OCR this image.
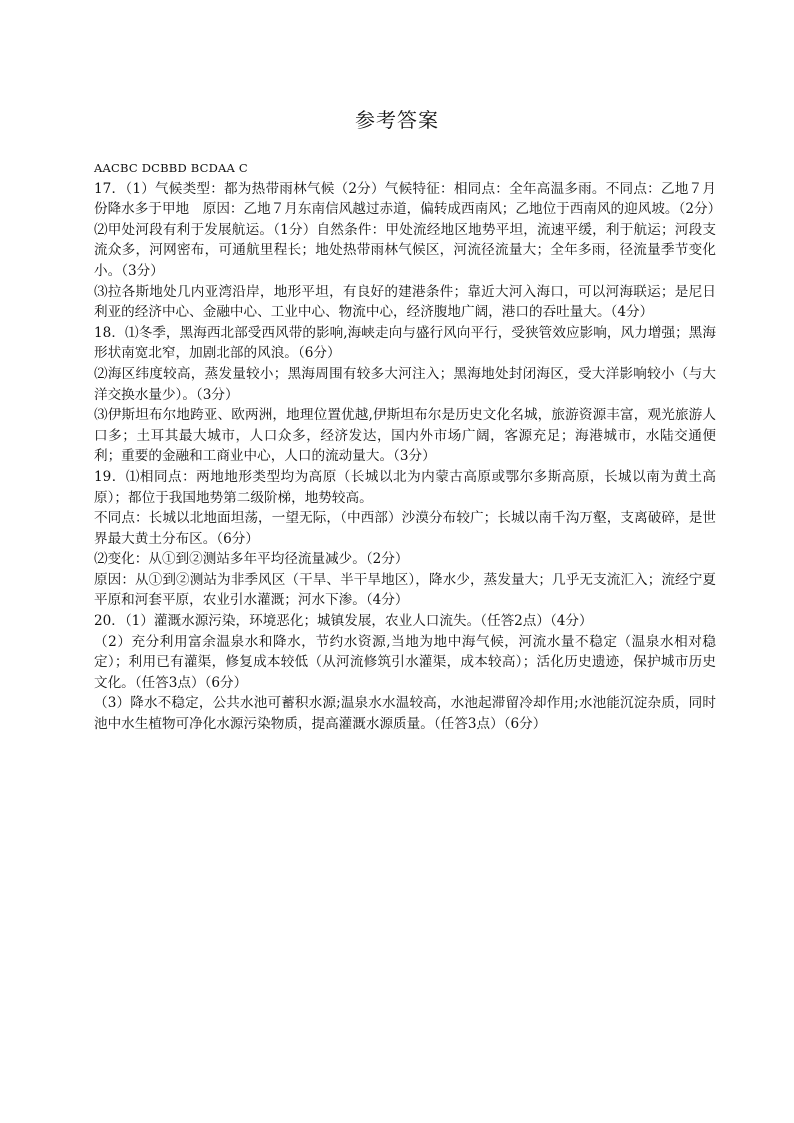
参考答案

AACBC DCBBD BCDAA C

17．（1）气候类型：都为热带雨林气候（2分）气候特征：相同点：全年高温多雨。不同点：乙地７月份降水多于甲地　原因：乙地７月东南信风越过赤道，偏转成西南风；乙地位于西南风的迎风坡。（2分）

⑵甲处河段有利于发展航运。（1分）自然条件：甲处流经地区地势平坦，流速平缓，利于航运；河段支流众多，河网密布，可通航里程长；地处热带雨林气候区，河流径流量大；全年多雨，径流量季节变化小。（3分）

⑶拉各斯地处几内亚湾沿岸，地形平坦，有良好的建港条件；靠近大河入海口，可以河海联运；是尼日利亚的经济中心、金融中心、工业中心、物流中心，经济腹地广阔，港口的吞吐量大。（4分）

18．⑴冬季，黑海西北部受西风带的影响,海峡走向与盛行风向平行，受狭管效应影响，风力增强；黑海形状南宽北窄，加剧北部的风浪。（6分）

⑵海区纬度较高，蒸发量较小；黑海周围有较多大河注入；黑海地处封闭海区，受大洋影响较小（与大洋交换水量少）。（3分）

⑶伊斯坦布尔地跨亚、欧两洲，地理位置优越,伊斯坦布尔是历史文化名城，旅游资源丰富，观光旅游人口多；土耳其最大城市，人口众多，经济发达，国内外市场广阔，客源充足；海港城市，水陆交通便利；重要的金融和工商业中心，人口的流动量大。（3分）

19．⑴相同点：两地地形类型均为高原（长城以北为内蒙古高原或鄂尔多斯高原，长城以南为黄土高原）；都位于我国地势第二级阶梯，地势较高。

不同点：长城以北地面坦荡，一望无际，（中西部）沙漠分布较广；长城以南千沟万壑，支离破碎，是世界最大黄土分布区。（6分）

⑵变化：从①到②测站多年平均径流量减少。（2分）

原因：从①到②测站为非季风区（干旱、半干旱地区），降水少，蒸发量大；几乎无支流汇入；流经宁夏平原和河套平原，农业引水灌溉；河水下渗。（4分）

20．（1）灌溉水源污染，环境恶化；城镇发展，农业人口流失。（任答2点）（4分）

（2）充分利用富余温泉水和降水，节约水资源,当地为地中海气候，河流水量不稳定（温泉水相对稳定）；利用已有灌渠，修复成本较低（从河流修筑引水灌渠，成本较高）；活化历史遗迹，保护城市历史文化。（任答3点）（6分）

（3）降水不稳定，公共水池可蓄积水源;温泉水水温较高，水池起滞留冷却作用;水池能沉淀杂质，同时池中水生植物可净化水源污染物质，提高灌溉水源质量。（任答3点）（6分）
